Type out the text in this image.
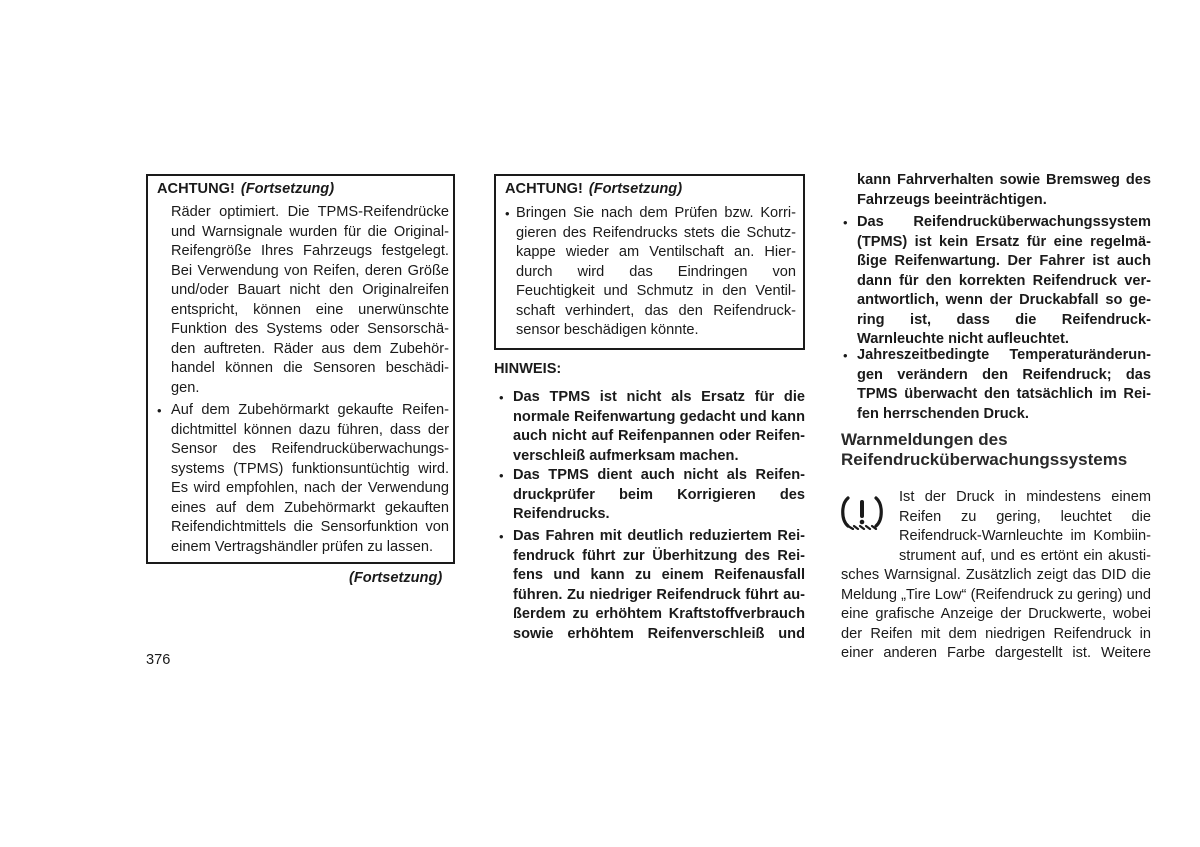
ACHTUNG! (Fortsetzung)
Räder optimiert. Die TPMS-Reifendrücke
und Warnsignale wurden für die Original-
Reifengröße Ihres Fahrzeugs festgelegt.
Bei Verwendung von Reifen, deren Größe
und/oder Bauart nicht den Originalreifen
entspricht, können eine unerwünschte
Funktion des Systems oder Sensorschä-
den auftreten. Räder aus dem Zubehör-
handel können die Sensoren beschädi-
gen.
• Auf dem Zubehörmarkt gekaufte Reifen-
dichtmittel können dazu führen, dass der
Sensor des Reifendrucküberwachungs-
systems (TPMS) funktionsuntüchtig wird.
Es wird empfohlen, nach der Verwendung
eines auf dem Zubehörmarkt gekauften
Reifendichtmittels die Sensorfunktion von
einem Vertragshändler prüfen zu lassen.
(Fortsetzung)
376
ACHTUNG! (Fortsetzung)
• Bringen Sie nach dem Prüfen bzw. Korri-
gieren des Reifendrucks stets die Schutz-
kappe wieder am Ventilschaft an. Hier-
durch wird das Eindringen von
Feuchtigkeit und Schmutz in den Ventil-
schaft verhindert, das den Reifendruck-
sensor beschädigen könnte.
HINWEIS:
• Das TPMS ist nicht als Ersatz für die
normale Reifenwartung gedacht und kann
auch nicht auf Reifenpannen oder Reifen-
verschleiß aufmerksam machen.
• Das TPMS dient auch nicht als Reifen-
druckprüfer beim Korrigieren des
Reifendrucks.
• Das Fahren mit deutlich reduziertem Rei-
fendruck führt zur Überhitzung des Rei-
fens und kann zu einem Reifenausfall
führen. Zu niedriger Reifendruck führt au-
ßerdem zu erhöhtem Kraftstoffverbrauch
sowie erhöhtem Reifenverschleiß und
kann Fahrverhalten sowie Bremsweg des
Fahrzeugs beeinträchtigen.
• Das Reifendrucküberwachungssystem
(TPMS) ist kein Ersatz für eine regelmä-
ßige Reifenwartung. Der Fahrer ist auch
dann für den korrekten Reifendruck ver-
antwortlich, wenn der Druckabfall so ge-
ring ist, dass die Reifendruck-
Warnleuchte nicht aufleuchtet.
• Jahreszeitbedingte Temperaturänderun-
gen verändern den Reifendruck; das
TPMS überwacht den tatsächlich im Rei-
fen herrschenden Druck.
Warnmeldungen des Reifendrucküberwachungssystems
Ist der Druck in mindestens einem
Reifen zu gering, leuchtet die
Reifendruck-Warnleuchte im Kombiin-
strument auf, und es ertönt ein akusti-
sches Warnsignal. Zusätzlich zeigt das DID die
Meldung „Tire Low“ (Reifendruck zu gering) und
eine grafische Anzeige der Druckwerte, wobei
der Reifen mit dem niedrigen Reifendruck in
einer anderen Farbe dargestellt ist. Weitere
